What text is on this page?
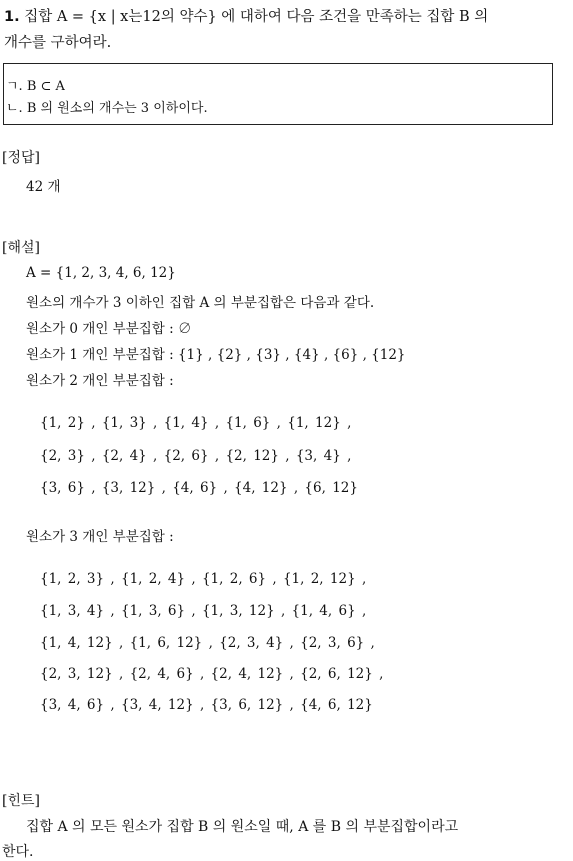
1. 집합 A = {x | x는12의 약수} 에 대하여 다음 조건을 만족하는 집합 B 의
개수를 구하여라.
ㄱ. B ⊂ A
ㄴ. B 의 원소의 개수는 3 이하이다.
[정답]
42 개
[해설]
A = {1, 2, 3, 4, 6, 12}
원소의 개수가 3 이하인 집합 A 의 부분집합은 다음과 같다.
원소가 0 개인 부분집합 : ∅
원소가 1 개인 부분집합 : {1} , {2} , {3} , {4} , {6} , {12}
원소가 2 개인 부분집합 :
{1, 2} , {1, 3} , {1, 4} , {1, 6} , {1, 12} ,
{2, 3} , {2, 4} , {2, 6} , {2, 12} , {3, 4} ,
{3, 6} , {3, 12} , {4, 6} , {4, 12} , {6, 12}
원소가 3 개인 부분집합 :
{1, 2, 3} , {1, 2, 4} , {1, 2, 6} , {1, 2, 12} ,
{1, 3, 4} , {1, 3, 6} , {1, 3, 12} , {1, 4, 6} ,
{1, 4, 12} , {1, 6, 12} , {2, 3, 4} , {2, 3, 6} ,
{2, 3, 12} , {2, 4, 6} , {2, 4, 12} , {2, 6, 12} ,
{3, 4, 6} , {3, 4, 12} , {3, 6, 12} , {4, 6, 12}
[힌트]
집합 A 의 모든 원소가 집합 B 의 원소일 때, A 를 B 의 부분집합이라고
한다.
